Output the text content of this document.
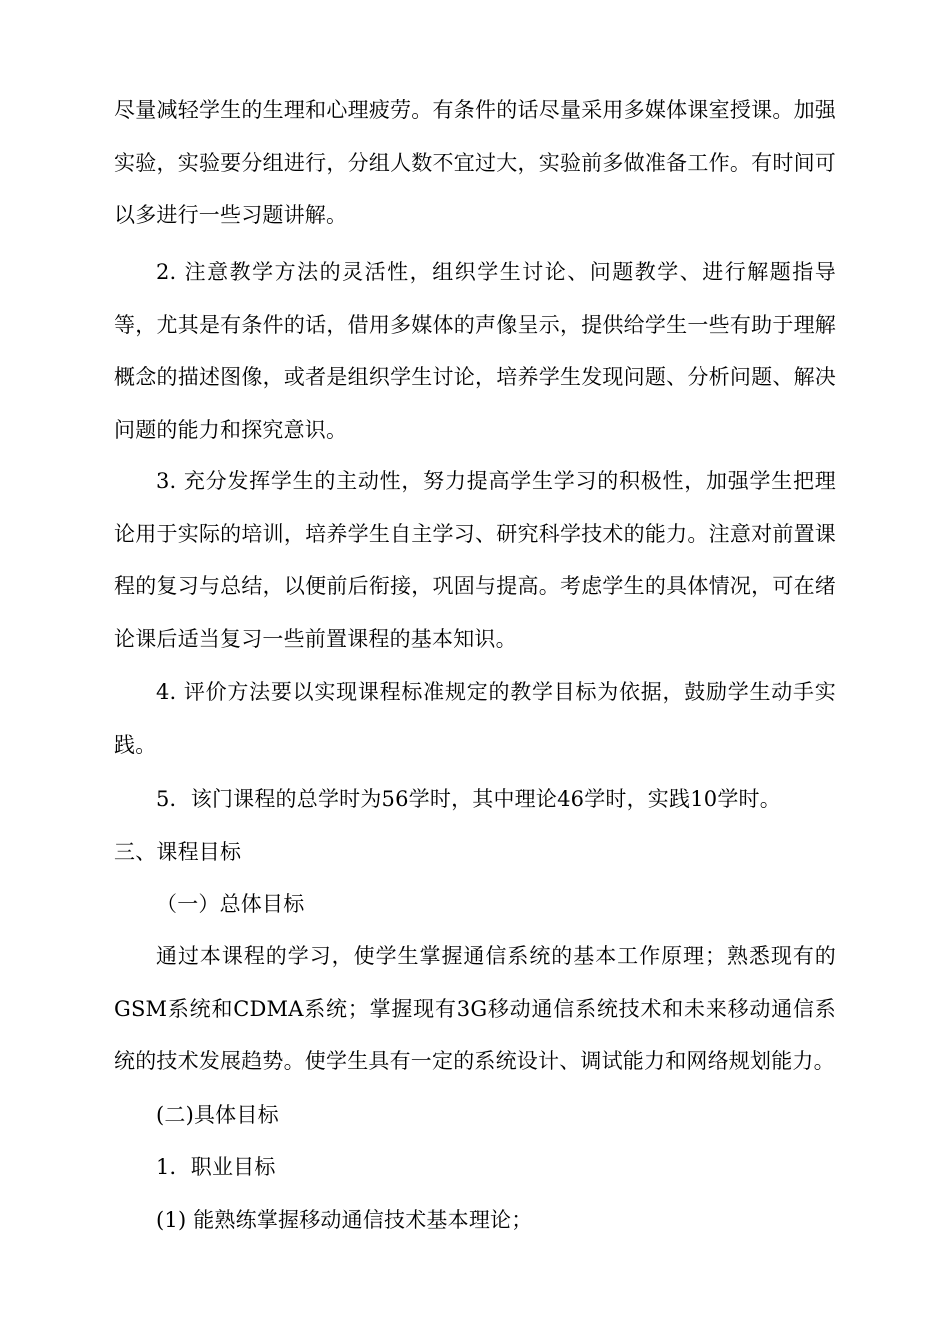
尽量减轻学生的生理和心理疲劳。有条件的话尽量采用多媒体课室授课。加强实验，实验要分组进行，分组人数不宜过大，实验前多做准备工作。有时间可以多进行一些习题讲解。

2. 注意教学方法的灵活性，组织学生讨论、问题教学、进行解题指导等，尤其是有条件的话，借用多媒体的声像呈示，提供给学生一些有助于理解概念的描述图像，或者是组织学生讨论，培养学生发现问题、分析问题、解决问题的能力和探究意识。

3. 充分发挥学生的主动性，努力提高学生学习的积极性，加强学生把理论用于实际的培训，培养学生自主学习、研究科学技术的能力。注意对前置课程的复习与总结，以便前后衔接，巩固与提高。考虑学生的具体情况，可在绪论课后适当复习一些前置课程的基本知识。

4. 评价方法要以实现课程标准规定的教学目标为依据，鼓励学生动手实践。

5．该门课程的总学时为56学时，其中理论46学时，实践10学时。

三、课程目标

（一）总体目标

通过本课程的学习，使学生掌握通信系统的基本工作原理；熟悉现有的GSM系统和CDMA系统；掌握现有3G移动通信系统技术和未来移动通信系统的技术发展趋势。使学生具有一定的系统设计、调试能力和网络规划能力。

(二)具体目标

1．职业目标

(1) 能熟练掌握移动通信技术基本理论；
